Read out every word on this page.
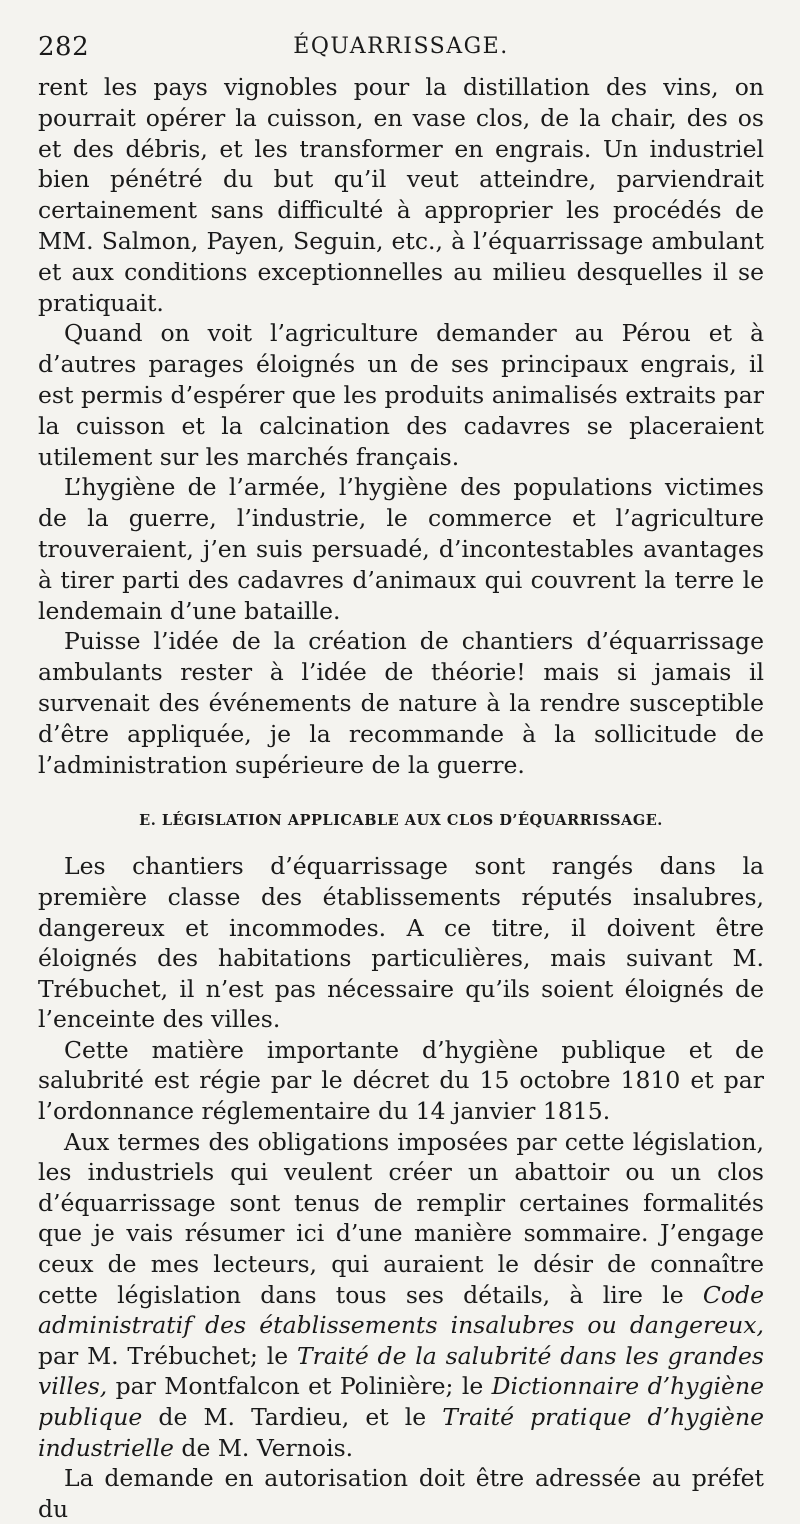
282	ÉQUARRISSAGE.

rent les pays vignobles pour la distillation des vins, on pourrait opérer la cuisson, en vase clos, de la chair, des os et des débris, et les transformer en engrais. Un industriel bien pénétré du but qu’il veut atteindre, parviendrait certainement sans difficulté à approprier les procédés de MM. Salmon, Payen, Seguin, etc., à l’équarrissage ambulant et aux conditions exceptionnelles au milieu desquelles il se pratiquait.

Quand on voit l’agriculture demander au Pérou et à d’autres parages éloignés un de ses principaux engrais, il est permis d’espérer que les produits animalisés extraits par la cuisson et la calcination des cadavres se placeraient utilement sur les marchés français.

L’hygiène de l’armée, l’hygiène des populations victimes de la guerre, l’industrie, le commerce et l’agriculture trouveraient, j’en suis persuadé, d’incontestables avantages à tirer parti des cadavres d’animaux qui couvrent la terre le lendemain d’une bataille.

Puisse l’idée de la création de chantiers d’équarrissage ambulants rester à l’idée de théorie! mais si jamais il survenait des événements de nature à la rendre susceptible d’être appliquée, je la recommande à la sollicitude de l’administration supérieure de la guerre.

E. LÉGISLATION APPLICABLE AUX CLOS D’ÉQUARRISSAGE.

Les chantiers d’équarrissage sont rangés dans la première classe des établissements réputés insalubres, dangereux et incommodes. A ce titre, il doivent être éloignés des habitations particulières, mais suivant M. Trébuchet, il n’est pas nécessaire qu’ils soient éloignés de l’enceinte des villes.

Cette matière importante d’hygiène publique et de salubrité est régie par le décret du 15 octobre 1810 et par l’ordonnance réglementaire du 14 janvier 1815.

Aux termes des obligations imposées par cette législation, les industriels qui veulent créer un abattoir ou un clos d’équarrissage sont tenus de remplir certaines formalités que je vais résumer ici d’une manière sommaire. J’engage ceux de mes lecteurs, qui auraient le désir de connaître cette législation dans tous ses détails, à lire le Code administratif des établissements insalubres ou dangereux, par M. Trébuchet; le Traité de la salubrité dans les grandes villes, par Montfalcon et Polinière; le Dictionnaire d’hygiène publique de M. Tardieu, et le Traité pratique d’hygiène industrielle de M. Vernois.

La demande en autorisation doit être adressée au préfet du
